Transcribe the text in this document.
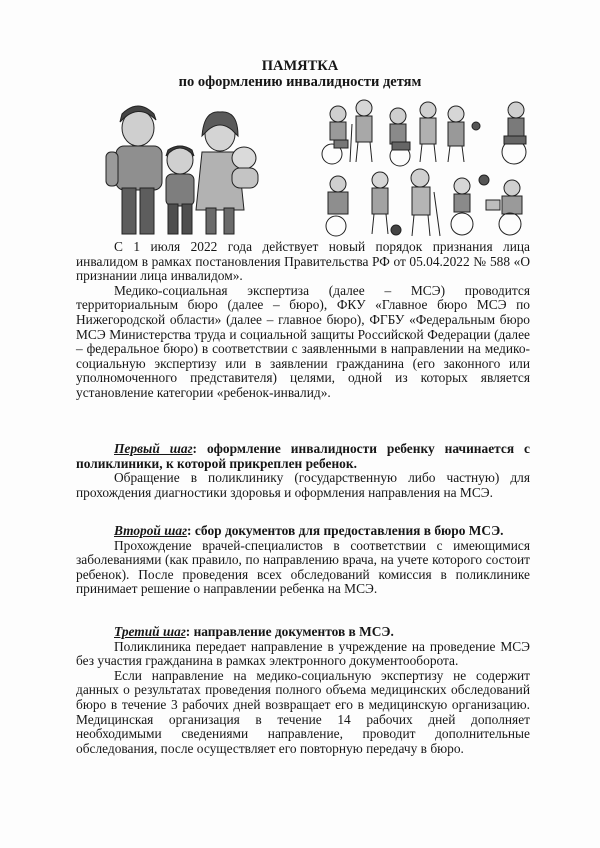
ПАМЯТКА
по оформлению инвалидности детям

С 1 июля 2022 года действует новый порядок признания лица инвалидом в рамках постановления Правительства РФ от 05.04.2022 № 588 «О признании лица инвалидом».

Медико-социальная экспертиза (далее – МСЭ) проводится территориальным бюро (далее – бюро), ФКУ «Главное бюро МСЭ по Нижегородской области» (далее – главное бюро), ФГБУ «Федеральным бюро МСЭ Министерства труда и социальной защиты Российской Федерации (далее – федеральное бюро) в соответствии с заявленными в направлении на медико-социальную экспертизу или в заявлении гражданина (его законного или уполномоченного представителя) целями, одной из которых является установление категории «ребенок-инвалид».

Первый шаг: оформление инвалидности ребенку начинается с поликлиники, к которой прикреплен ребенок.

Обращение в поликлинику (государственную либо частную) для прохождения диагностики здоровья и оформления направления на МСЭ.

Второй шаг: сбор документов для предоставления в бюро МСЭ.

Прохождение врачей-специалистов в соответствии с имеющимися заболеваниями (как правило, по направлению врача, на учете которого состоит ребенок). После проведения всех обследований комиссия в поликлинике принимает решение о направлении ребенка на МСЭ.

Третий шаг: направление документов в МСЭ.

Поликлиника передает направление в учреждение на проведение МСЭ без участия гражданина в рамках электронного документооборота.

Если направление на медико-социальную экспертизу не содержит данных о результатах проведения полного объема медицинских обследований бюро в течение 3 рабочих дней возвращает его в медицинскую организацию. Медицинская организация в течение 14 рабочих дней дополняет необходимыми сведениями направление, проводит дополнительные обследования, после осуществляет его повторную передачу в бюро.
